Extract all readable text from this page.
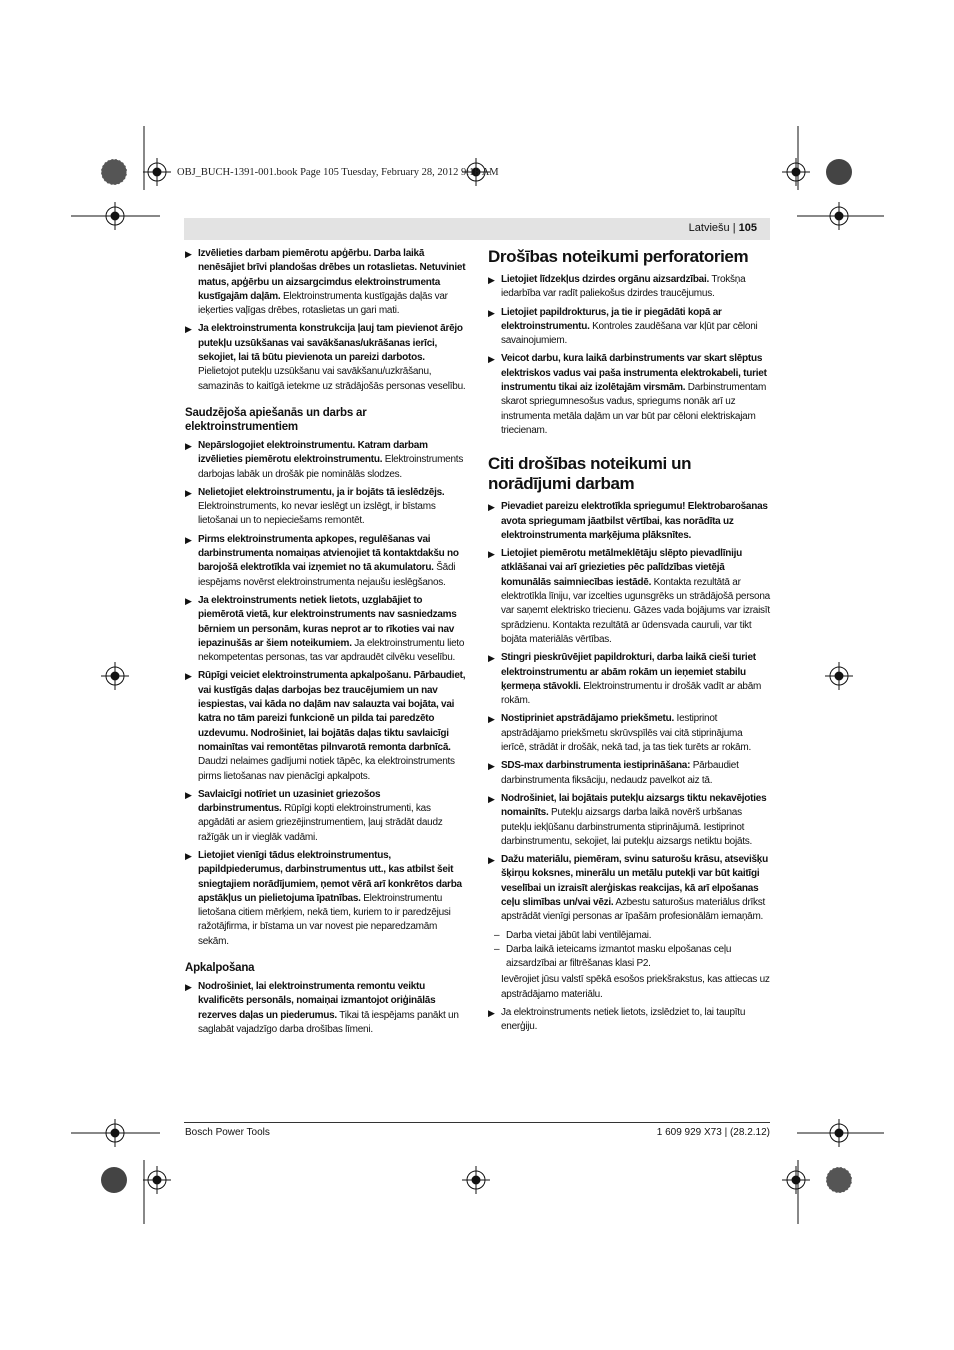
OBJ_BUCH-1391-001.book Page 105 Tuesday, February 28, 2012 9:18 AM
Latviešu | 105
▶ Izvēlieties darbam piemērotu apģērbu. Darba laikā nenēsājiet brīvi plandošas drēbes un rotaslietas. Netuviniet matus, apģērbu un aizsargcimdus elektroinstrumenta kustīgajām daļām. Elektroinstrumenta kustīgajās daļās var ieķerties vaļīgas drēbes, rotaslietas un gari mati.
▶ Ja elektroinstrumenta konstrukcija ļauj tam pievienot ārējo putekļu uzsūkšanas vai savākšanas/ukrāšanas ierīci, sekojiet, lai tā būtu pievienota un pareizi darbotos. Pielietojot putekļu uzsūkšanu vai savākšanu/uzkrāšanu, samazinās to kaitīgā ietekme uz strādājošās personas veselību.
Saudzējoša apiešanās un darbs ar elektroinstrumentiem
▶ Nepārslogojiet elektroinstrumentu. Katram darbam izvēlieties piemērotu elektroinstrumentu. Elektroinstruments darbojas labāk un drošāk pie nominālās slodzes.
▶ Nelietojiet elektroinstrumentu, ja ir bojāts tā ieslēdzējs. Elektroinstruments, ko nevar ieslēgt un izslēgt, ir bīstams lietošanai un to nepieciešams remontēt.
▶ Pirms elektroinstrumenta apkopes, regulēšanas vai darbinstrumenta nomaiņas atvienojiet tā kontaktdakšu no barojošā elektrotīkla vai izņemiet no tā akumulatoru. Šādi iespējams novērst elektroinstrumenta nejaušu ieslēgšanos.
▶ Ja elektroinstruments netiek lietots, uzglabājiet to piemērotā vietā, kur elektroinstruments nav sasniedzams bērniem un personām, kuras neprot ar to rīkoties vai nav iepazinušās ar šiem noteikumiem. Ja elektroinstrumentu lieto nekompetentas personas, tas var apdraudēt cilvēku veselību.
▶ Rūpīgi veiciet elektroinstrumenta apkalpošanu. Pārbaudiet, vai kustīgās daļas darbojas bez traucējumiem un nav iespiestas, vai kāda no daļām nav salauzta vai bojāta, vai katra no tām pareizi funkcionē un pilda tai paredzēto uzdevumu. Nodrošiniet, lai bojātās daļas tiktu savlaicīgi nomainītas vai remontētas pilnvarotā remonta darbnīcā. Daudzi nelaimes gadījumi notiek tāpēc, ka elektroinstruments pirms lietošanas nav pienācīgi apkalpots.
▶ Savlaicīgi notīriet un uzasiniet griezošos darbinstrumentus. Rūpīgi kopti elektroinstrumenti, kas apgādāti ar asiem griezējinstrumentiem, ļauj strādāt daudz ražīgāk un ir vieglāk vadāmi.
▶ Lietojiet vienīgi tādus elektroinstrumentus, papildpiederumus, darbinstrumentus utt., kas atbilst šeit sniegtajiem norādījumiem, ņemot vērā arī konkrētos darba apstākļus un pielietojuma īpatnības. Elektroinstrumentu lietošana citiem mērķiem, nekā tiem, kuriem to ir paredzējusi ražotājfirma, ir bīstama un var novest pie neparedzamām sekām.
Apkalpošana
▶ Nodrošiniet, lai elektroinstrumenta remontu veiktu kvalificēts personāls, nomaiņai izmantojot oriģinālās rezerves daļas un piederumus. Tikai tā iespējams panākt un saglabāt vajadzīgo darba drošības līmeni.
Drošības noteikumi perforatoriem
▶ Lietojiet līdzekļus dzirdes orgānu aizsardzībai. Trokšņa iedarbība var radīt paliekošus dzirdes traucējumus.
▶ Lietojiet papildrokturus, ja tie ir piegādāti kopā ar elektroinstrumentu. Kontroles zaudēšana var kļūt par cēloni savainojumiem.
▶ Veicot darbu, kura laikā darbinstruments var skart slēptus elektriskos vadus vai paša instrumenta elektrokabeli, turiet instrumentu tikai aiz izolētajām virsmām. Darbinstrumentam skarot spriegumnesošus vadus, spriegums nonāk arī uz instrumenta metāla daļām un var būt par cēloni elektriskajam triecienam.
Citi drošības noteikumi un norādījumi darbam
▶ Pievadiet pareizu elektrotīkla spriegumu! Elektrobarošanas avota spriegumam jāatbilst vērtībai, kas norādīta uz elektroinstrumenta marķējuma plāksnītes.
▶ Lietojiet piemērotu metālmeklētāju slēpto pievadlīniju atklāšanai vai arī griezieties pēc palīdzības vietējā komunālās saimniecības iestādē. Kontakta rezultātā ar elektrotīkla līniju, var izcelties ugunsgrēks un strādājošā persona var saņemt elektrisko triecienu. Gāzes vada bojājums var izraisīt sprādzienu. Kontakta rezultātā ar ūdensvada cauruli, var tikt bojāta materiālās vērtības.
▶ Stingri pieskrūvējiet papildrokturi, darba laikā cieši turiet elektroinstrumentu ar abām rokām un ieņemiet stabilu ķermeņa stāvokli. Elektroinstrumentu ir drošāk vadīt ar abām rokām.
▶ Nostipriniet apstrādājamo priekšmetu. Iestiprinot apstrādājamo priekšmetu skrūvspīlēs vai citā stiprinājuma ierīcē, strādāt ir drošāk, nekā tad, ja tas tiek turēts ar rokām.
▶ SDS-max darbinstrumenta iestiprināšana: Pārbaudiet darbinstrumenta fiksāciju, nedaudz pavelkot aiz tā.
▶ Nodrošiniet, lai bojātais putekļu aizsargs tiktu nekavējoties nomainīts. Putekļu aizsargs darba laikā novērš urbšanas putekļu iekļūšanu darbinstrumenta stiprinājumā. Iestiprinot darbinstrumentu, sekojiet, lai putekļu aizsargs netiktu bojāts.
▶ Dažu materiālu, piemēram, svinu saturošu krāsu, atsevišķu šķirņu koksnes, minerālu un metālu putekļi var būt kaitīgi veselībai un izraisīt alerģiskas reakcijas, kā arī elpošanas ceļu slimības un/vai vēzi. Azbestu saturošus materiālus drīkst apstrādāt vienīgi personas ar īpašām profesionālām iemaņām.
– Darba vietai jābūt labi ventilējamai.
– Darba laikā ieteicams izmantot masku elpošanas ceļu aizsardzībai ar filtrēšanas klasi P2.
Ievērojiet jūsu valstī spēkā esošos priekšrakstus, kas attiecas uz apstrādājamo materiālu.
▶ Ja elektroinstruments netiek lietots, izslēdziet to, lai taupītu enerģiju.
Bosch Power Tools	1 609 929 X73 | (28.2.12)
